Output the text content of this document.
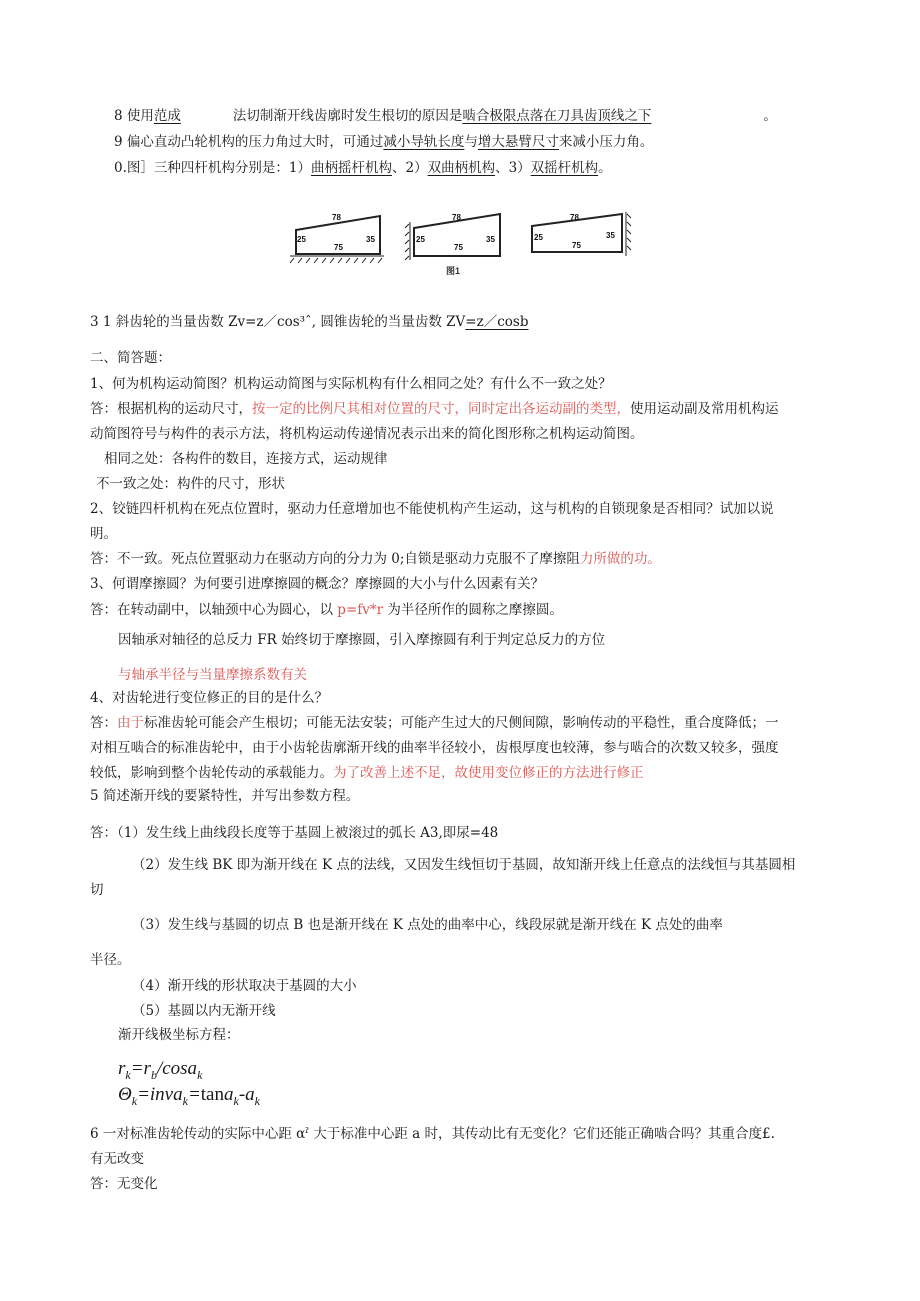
8 使用范成	法切制渐开线齿廓时发生根切的原因是啮合极限点落在刀具齿顶线之下	。
9 偏心直动凸轮机构的压力角过大时，可通过减小导轨长度与增大悬臂尺寸来减小压力角。
0.图］三种四杆机构分别是：1）曲柄摇杆机构、2）双曲柄机构、3）双摇杆机构。
78
25	35
75
78
25	35
75
78
25	35
75
图1
3 1 斜齿轮的当量齿数 Zv=z／cos³ˆ, 圆锥齿轮的当量齿数 ZV=z／cosb
二、简答题：
1、何为机构运动简图？机构运动简图与实际机构有什么相同之处？有什么不一致之处？
答：根据机构的运动尺寸，按一定的比例尺其相对位置的尺寸，同时定出各运动副的类型，使用运动副及常用机构运
动简图符号与构件的表示方法，将机构运动传递情况表示出来的简化图形称之机构运动简图。
相同之处：各构件的数目，连接方式，运动规律
不一致之处：构件的尺寸，形状
2、铰链四杆机构在死点位置时，驱动力任意增加也不能使机构产生运动，这与机构的自锁现象是否相同？试加以说
明。
答：不一致。死点位置驱动力在驱动方向的分力为 0;自锁是驱动力克服不了摩擦阻力所做的功。
3、何谓摩擦圆？为何要引进摩擦圆的概念？摩擦圆的大小与什么因素有关？
答：在转动副中，以轴颈中心为圆心，以 p=fv*r 为半径所作的圆称之摩擦圆。
因轴承对轴径的总反力 FR 始终切于摩擦圆，引入摩擦圆有利于判定总反力的方位
与轴承半径与当量摩擦系数有关
4、对齿轮进行变位修正的目的是什么？
答：由于标准齿轮可能会产生根切；可能无法安装；可能产生过大的尺侧间隙，影响传动的平稳性，重合度降低；一
对相互啮合的标准齿轮中，由于小齿轮齿廓渐开线的曲率半径较小，齿根厚度也较薄，参与啮合的次数又较多，强度
较低，影响到整个齿轮传动的承载能力。为了改善上述不足，故使用变位修正的方法进行修正
5 简述渐开线的要紧特性，并写出参数方程。
答：（1）发生线上曲线段长度等于基圆上被滚过的弧长 A3,即尿=48
（2）发生线 BK 即为渐开线在 K 点的法线，又因发生线恒切于基圆，故知渐开线上任意点的法线恒与其基圆相
切
（3）发生线与基圆的切点 B 也是渐开线在 K 点处的曲率中心，线段尿就是渐开线在 K 点处的曲率
半径。
（4）渐开线的形状取决于基圆的大小
（5）基圆以内无渐开线
渐开线极坐标方程：
$r_k=r_b/\cos a_k$
$\Theta_k=inva_k=\tan a_k-a_k$
6 一对标准齿轮传动的实际中心距 αˀ 大于标准中心距 a 时，其传动比有无变化？它们还能正确啮合吗？其重合度£.
有无改变
答：无变化
